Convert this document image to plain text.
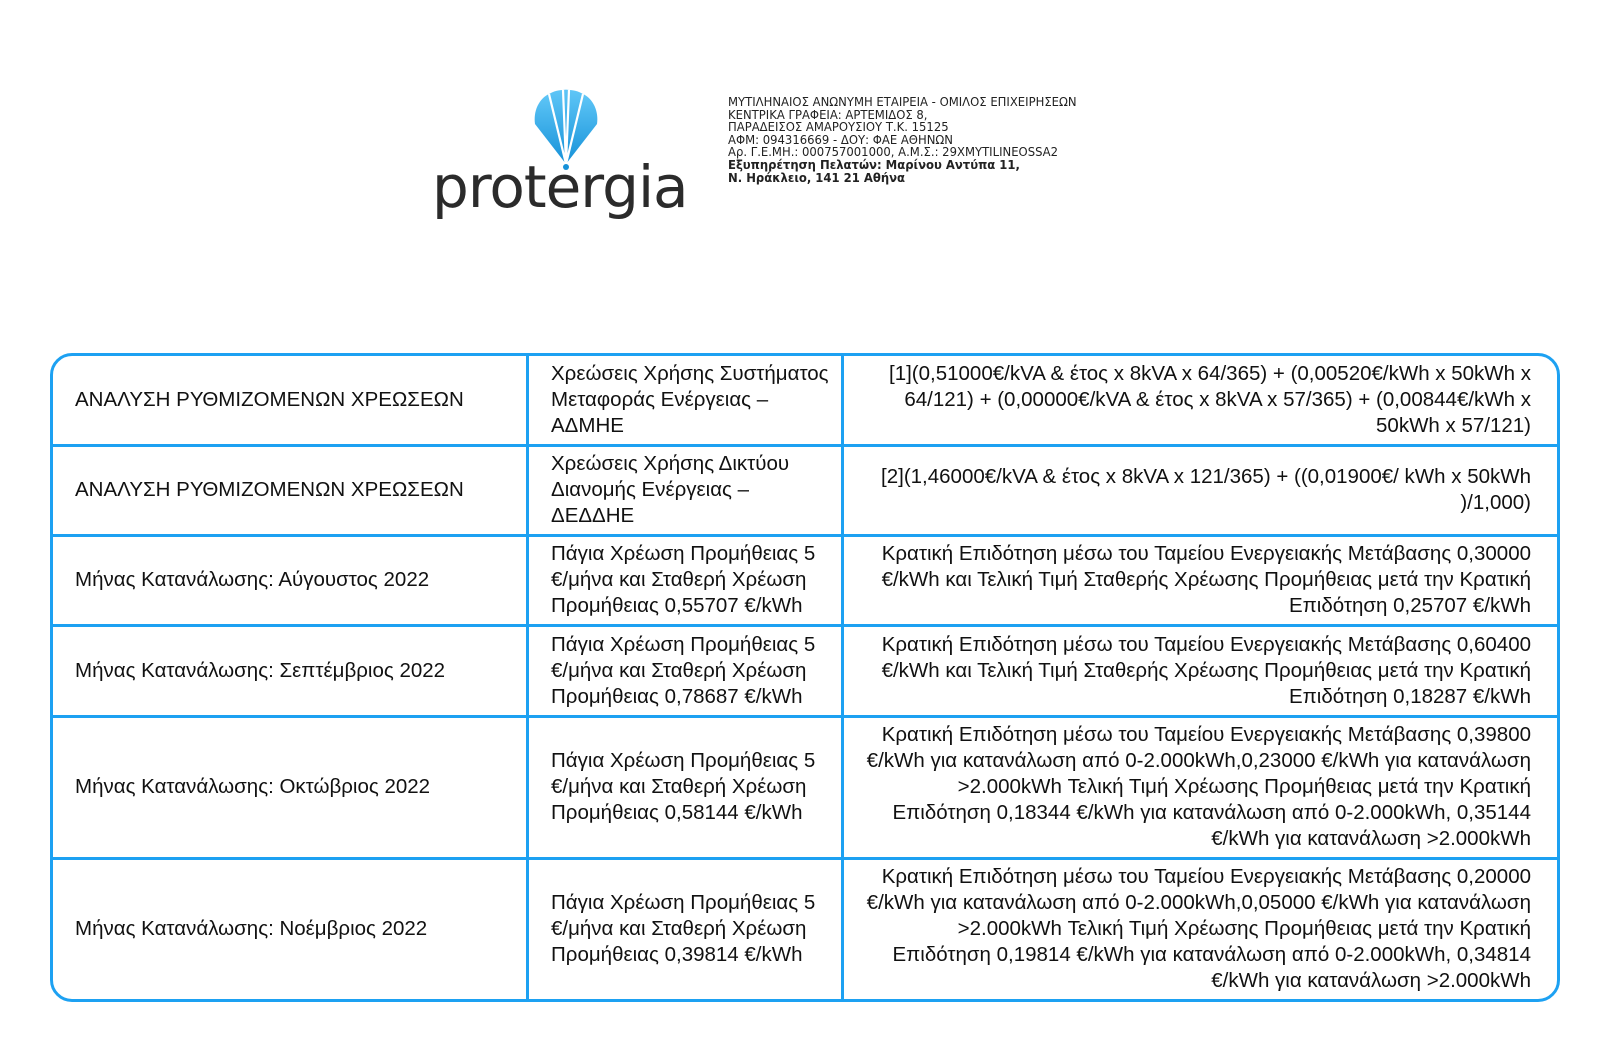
protergia
ΜΥΤΙΛΗΝΑΙΟΣ ΑΝΩΝΥΜΗ ΕΤΑΙΡΕΙΑ - ΟΜΙΛΟΣ ΕΠΙΧΕΙΡΗΣΕΩΝ
ΚΕΝΤΡΙΚΑ ΓΡΑΦΕΙΑ: ΑΡΤΕΜΙΔΟΣ 8,
ΠΑΡΑΔΕΙΣΟΣ ΑΜΑΡΟΥΣΙΟΥ Τ.Κ. 15125
ΑΦΜ: 094316669 - ΔΟΥ: ΦΑΕ ΑΘΗΝΩΝ
Αρ. Γ.Ε.ΜΗ.: 000757001000, Α.Μ.Σ.: 29ΧΜΥΤILINEOSSA2
Εξυπηρέτηση Πελατών: Μαρίνου Αντύπα 11,
Ν. Ηράκλειο, 141 21 Αθήνα
ΑΝΑΛΥΣΗ ΡΥΘΜΙΖΟΜΕΝΩΝ ΧΡΕΩΣΕΩΝ	Χρεώσεις Χρήσης Συστήματος Μεταφοράς Ενέργειας – ΑΔΜΗΕ	[1](0,51000€/kVA & έτος x 8kVA x 64/365) + (0,00520€/kWh x 50kWh x 64/121) + (0,00000€/kVA & έτος x 8kVA x 57/365) + (0,00844€/kWh x 50kWh x 57/121)
ΑΝΑΛΥΣΗ ΡΥΘΜΙΖΟΜΕΝΩΝ ΧΡΕΩΣΕΩΝ	Χρεώσεις Χρήσης Δικτύου Διανομής Ενέργειας – ΔΕΔΔΗΕ	[2](1,46000€/kVA & έτος x 8kVA x 121/365) + ((0,01900€/ kWh x 50kWh )/1,000)
Μήνας Κατανάλωσης: Αύγουστος 2022	Πάγια Χρέωση Προμήθειας 5 €/μήνα και Σταθερή Χρέωση Προμήθειας 0,55707 €/kWh	Κρατική Επιδότηση μέσω του Ταμείου Ενεργειακής Μετάβασης 0,30000 €/kWh και Τελική Τιμή Σταθερής Χρέωσης Προμήθειας μετά την Κρατική Επιδότηση 0,25707 €/kWh
Μήνας Κατανάλωσης: Σεπτέμβριος 2022	Πάγια Χρέωση Προμήθειας 5 €/μήνα και Σταθερή Χρέωση Προμήθειας 0,78687 €/kWh	Κρατική Επιδότηση μέσω του Ταμείου Ενεργειακής Μετάβασης 0,60400 €/kWh και Τελική Τιμή Σταθερής Χρέωσης Προμήθειας μετά την Κρατική Επιδότηση 0,18287 €/kWh
Μήνας Κατανάλωσης: Οκτώβριος 2022	Πάγια Χρέωση Προμήθειας 5 €/μήνα και Σταθερή Χρέωση Προμήθειας 0,58144 €/kWh	Κρατική Επιδότηση μέσω του Ταμείου Ενεργειακής Μετάβασης 0,39800 €/kWh για κατανάλωση από 0-2.000kWh,0,23000 €/kWh για κατανάλωση >2.000kWh Τελική Τιμή Χρέωσης Προμήθειας μετά την Κρατική Επιδότηση 0,18344 €/kWh για κατανάλωση από 0-2.000kWh, 0,35144 €/kWh για κατανάλωση >2.000kWh
Μήνας Κατανάλωσης: Νοέμβριος 2022	Πάγια Χρέωση Προμήθειας 5 €/μήνα και Σταθερή Χρέωση Προμήθειας 0,39814 €/kWh	Κρατική Επιδότηση μέσω του Ταμείου Ενεργειακής Μετάβασης 0,20000 €/kWh για κατανάλωση από 0-2.000kWh,0,05000 €/kWh για κατανάλωση >2.000kWh Τελική Τιμή Χρέωσης Προμήθειας μετά την Κρατική Επιδότηση 0,19814 €/kWh για κατανάλωση από 0-2.000kWh, 0,34814 €/kWh για κατανάλωση >2.000kWh
